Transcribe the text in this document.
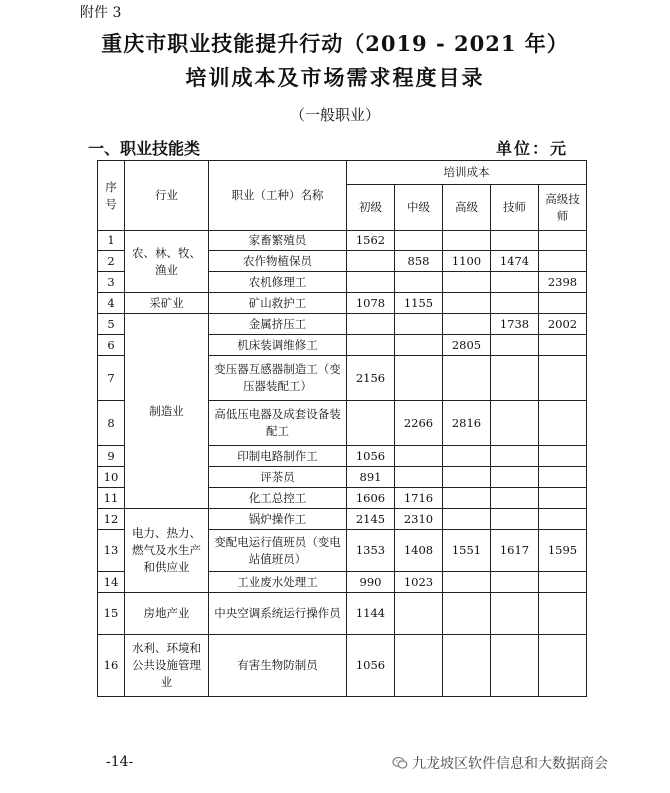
附件 3
重庆市职业技能提升行动（2019 - 2021 年）
培训成本及市场需求程度目录
（一般职业）
一、职业技能类	单位：元
序号	行业	职业（工种）名称	培训成本				
			初级	中级	高级	技师	高级技师
1	农、林、牧、渔业	家畜繁殖员	1562				
2		农作物植保员		858	1100	1474	
3		农机修理工					2398
4	采矿业	矿山救护工	1078	1155			
5	制造业	金属挤压工				1738	2002
6		机床装调维修工			2805		
7		变压器互感器制造工（变压器装配工）	2156				
8		高低压电器及成套设备装配工		2266	2816		
9		印制电路制作工	1056				
10		评茶员	891				
11		化工总控工	1606	1716			
12	电力、热力、燃气及水生产和供应业	锅炉操作工	2145	2310			
13		变配电运行值班员（变电站值班员）	1353	1408	1551	1617	1595
14		工业废水处理工	990	1023			
15	房地产业	中央空调系统运行操作员	1144				
16	水利、环境和公共设施管理业	有害生物防制员	1056				
-14-	九龙坡区软件信息和大数据商会
